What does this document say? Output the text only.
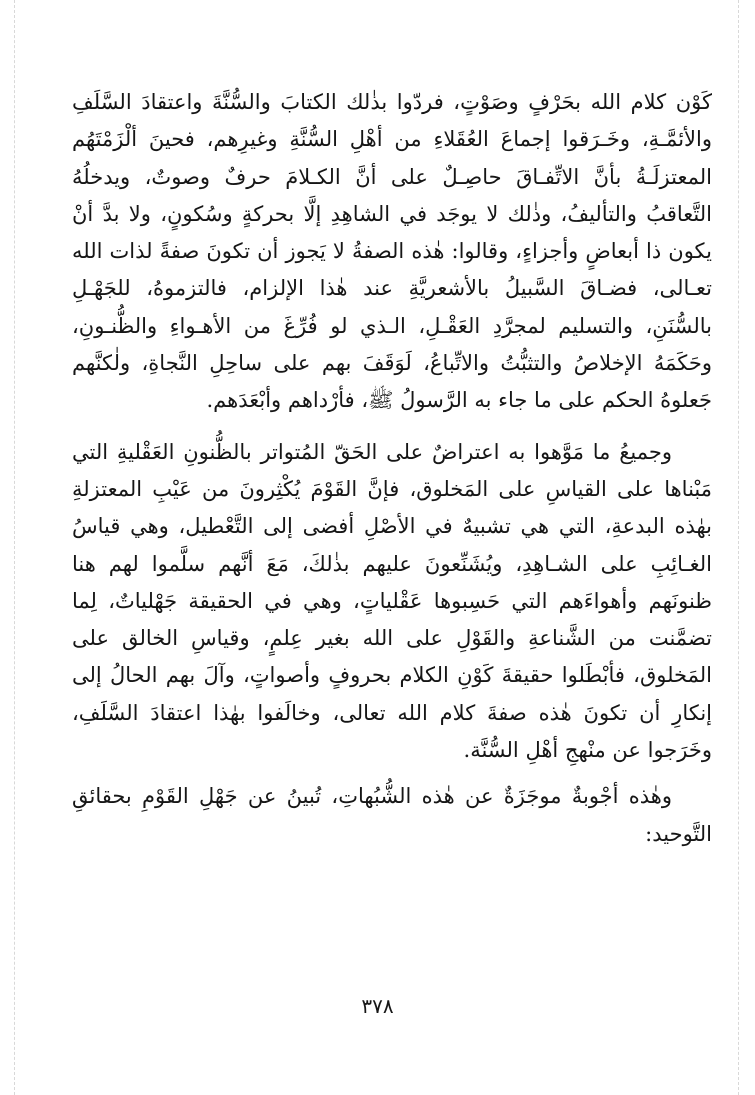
كَوْن كلام الله بحَرْفٍ وصَوْتٍ، فردّوا بذٰلك الكتابَ والسُّنَّةَ واعتقادَ السَّلَفِ والأئمَّـةِ، وخَـرَقوا إجماعَ العُقَلاءِ من أهْلِ السُّنَّةِ وغيرِهم، فحينَ ألْزَمْتَهُم المعتزلَـةُ بأنَّ الاتِّفـاقَ حاصِـلٌ على أنَّ الكـلامَ حرفٌ وصوتٌ، ويدخلُهُ التَّعاقبُ والتأليفُ، وذٰلك لا يوجَد في الشاهِدِ إلَّا بحركةٍ وسُكونٍ، ولا بدَّ أنْ يكون ذا أبعاضٍ وأجزاءٍ، وقالوا: هٰذه الصفةُ لا يَجوز أن تكونَ صفةً لذات الله تعـالى، فضـاقَ السَّبيلُ بالأشعريَّةِ عند هٰذا الإلزام، فالتزموهُ، للجَهْـلِ بالسُّنَنِ، والتسليم لمجرَّدِ العَقْـلِ، الـذي لو فُرِّغَ من الأهـواءِ والظُّنـونِ، وحَكَمَهُ الإخلاصُ والتثبُّتُ والاتِّباعُ، لَوَقَفَ بهم على ساحِلِ النَّجاةِ، ولٰكنَّهم جَعلوهُ الحكم على ما جاء به الرَّسولُ ﷺ، فأرْداهم وأبْعَدَهم.

وجميعُ ما مَوَّهوا به اعتراضٌ على الحَقّ المُتواتر بالظُّنونِ العَقْليةِ التي مَبْناها على القياسِ على المَخلوق، فإنَّ القَوْمَ يُكْثِرونَ من عَيْبِ المعتزلةِ بهٰذه البدعةِ، التي هي تشبيهٌ في الأصْلِ أفضى إلى التَّعْطيل، وهي قياسُ الغـائِبِ على الشـاهِدِ، ويُشَنِّعونَ عليهم بذٰلكَ، مَعَ أنَّهم سلَّموا لهم هنا ظنونَهم وأهواءَهم التي حَسِبوها عَقْلياتٍ، وهي في الحقيقة جَهْلياتٌ، لِما تضمَّنت من الشَّناعةِ والقَوْلِ على الله بغير عِلمٍ، وقياسِ الخالق على المَخلوق، فأبْطَلوا حقيقةَ كَوْنِ الكلام بحروفٍ وأصواتٍ، وآلَ بهم الحالُ إلى إنكارِ أن تكونَ هٰذه صفةَ كلام الله تعالى، وخالَفوا بهٰذا اعتقادَ السَّلَفِ، وخَرَجوا عن منْهجِ أهْلِ السُّنَّة.

وهٰذه أجْوبةٌ موجَزَةٌ عن هٰذه الشُّبُهاتِ، تُبينُ عن جَهْلِ القَوْمِ بحقائقِ التَّوحيد:

٣٧٨
